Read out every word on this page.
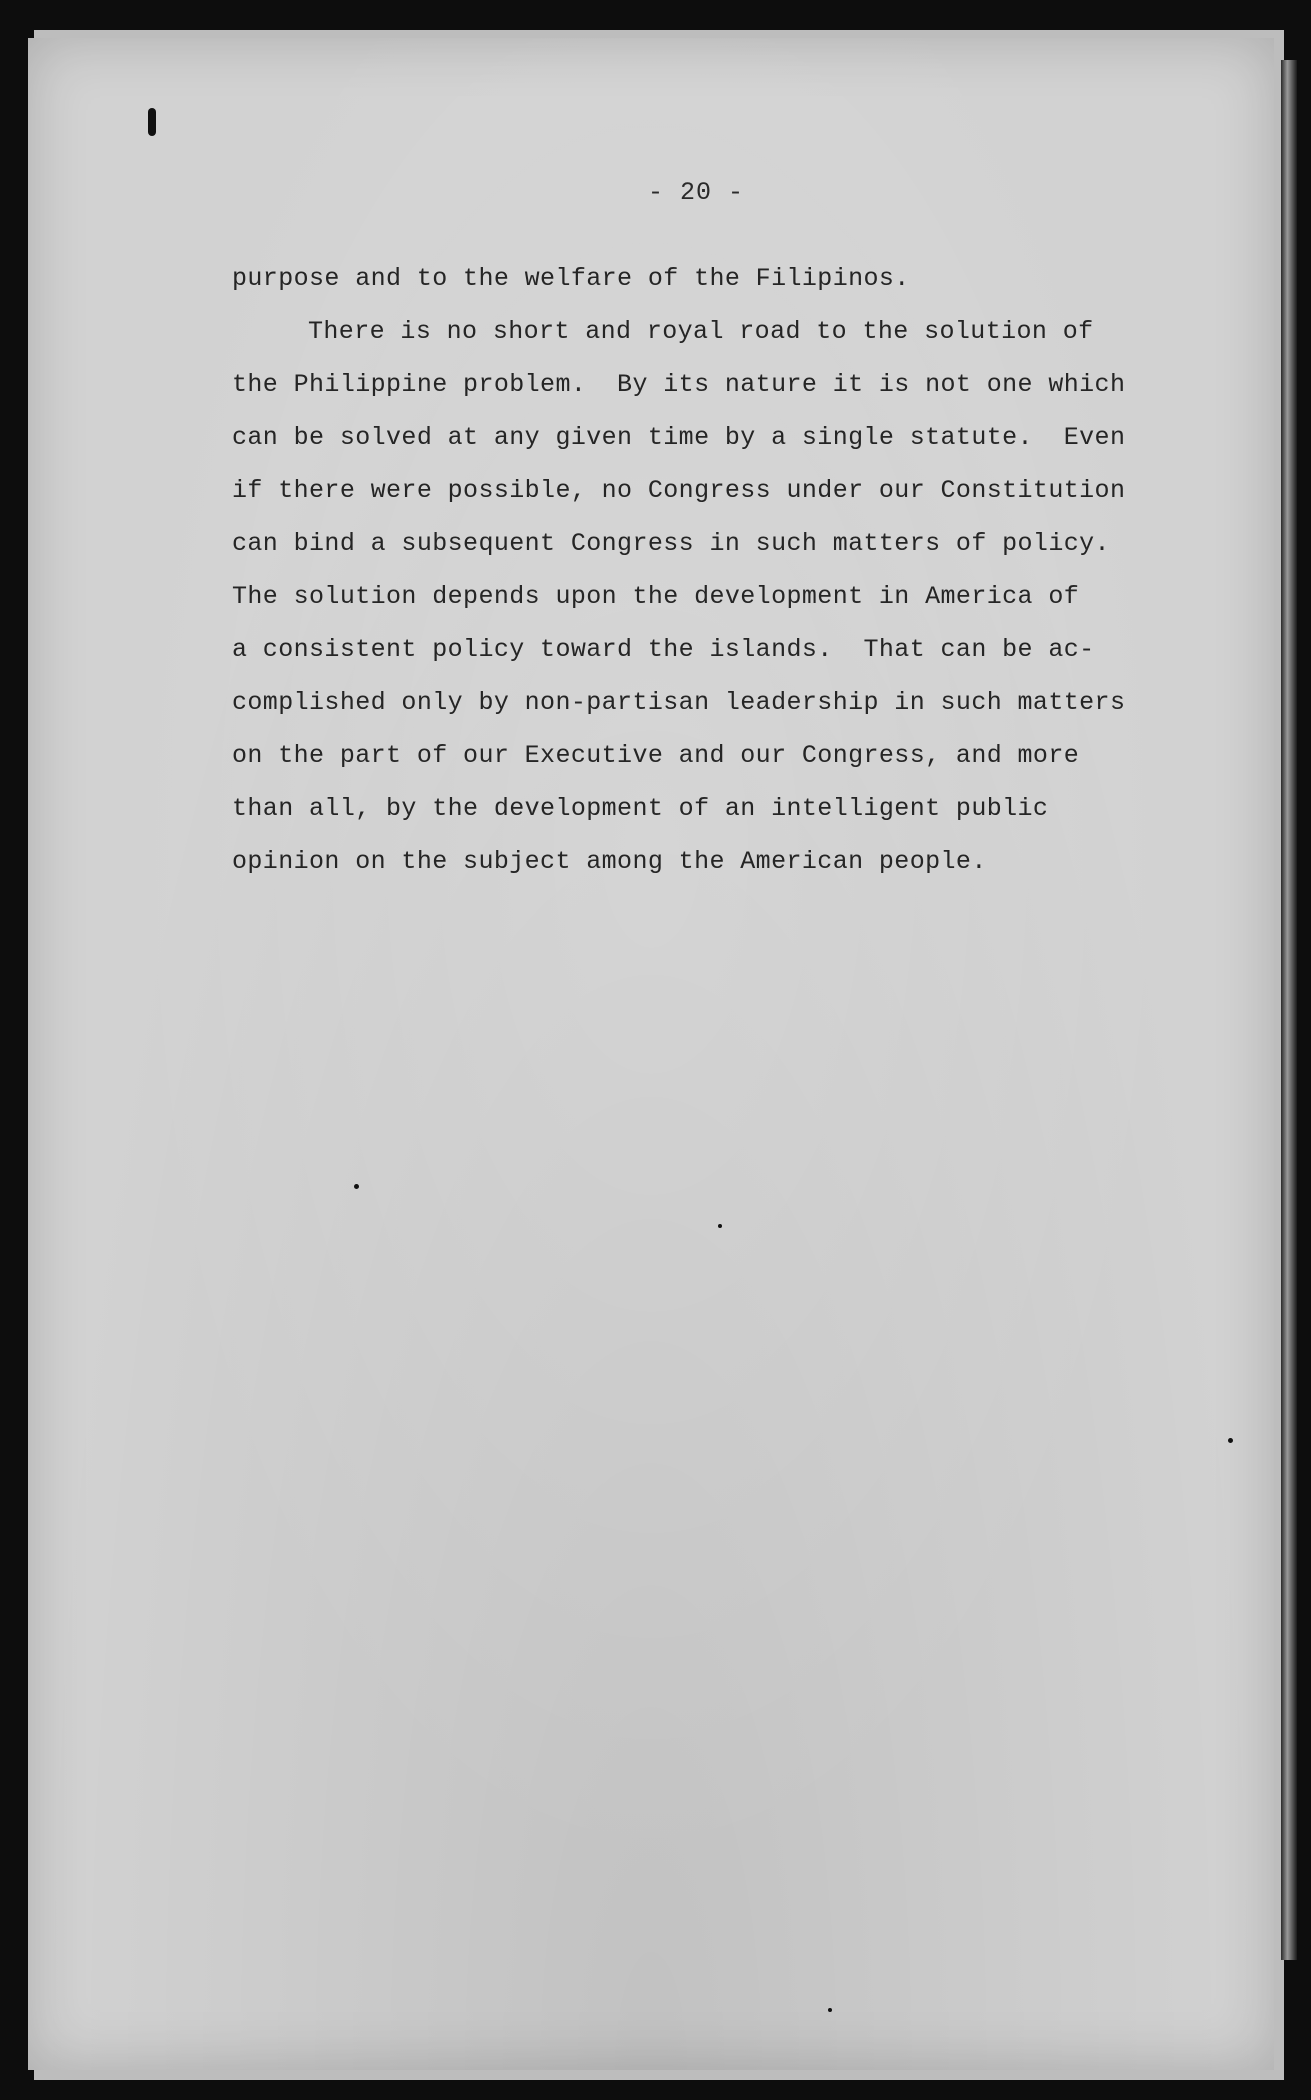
- 20 -
purpose and to the welfare of the Filipinos.
There is no short and royal road to the solution of
the Philippine problem.  By its nature it is not one which
can be solved at any given time by a single statute.  Even
if there were possible, no Congress under our Constitution
can bind a subsequent Congress in such matters of policy.
The solution depends upon the development in America of
a consistent policy toward the islands.  That can be ac-
complished only by non-partisan leadership in such matters
on the part of our Executive and our Congress, and more
than all, by the development of an intelligent public
opinion on the subject among the American people.
